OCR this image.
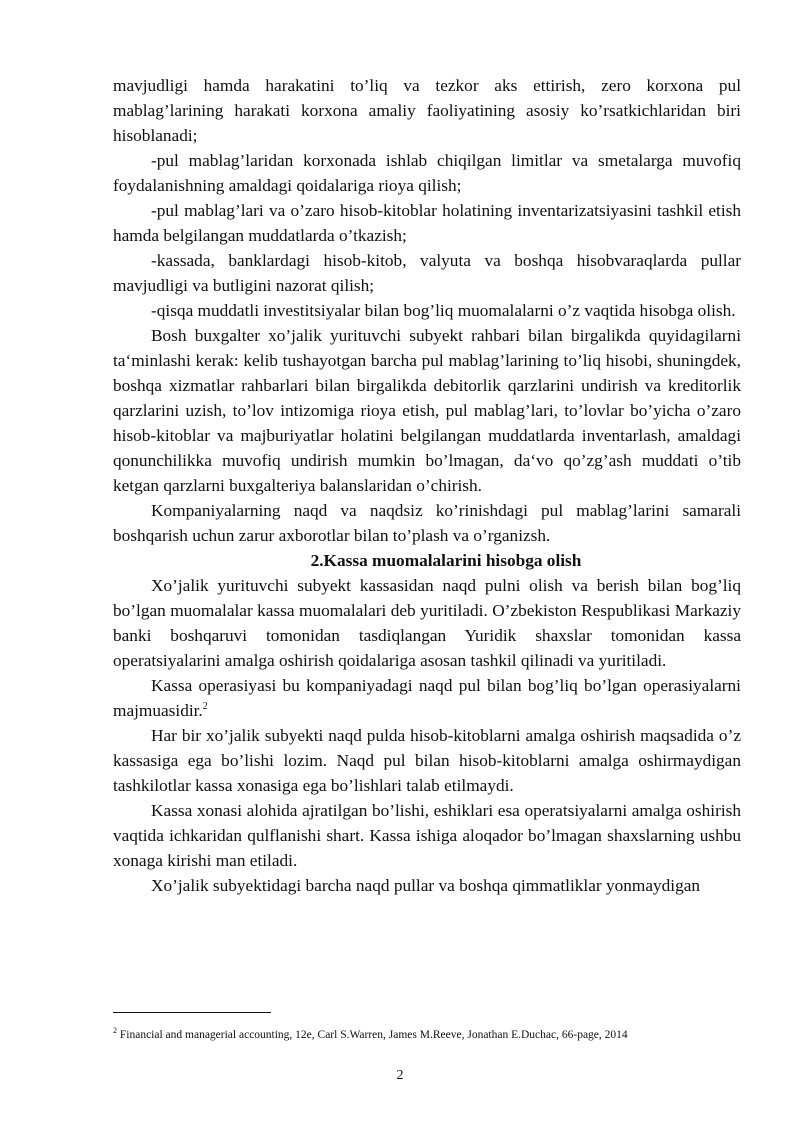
mavjudligi hamda harakatini to’liq va tezkor aks ettirish, zero korxona pul mablag’larining harakati korxona amaliy faoliyatining asosiy ko’rsatkichlaridan biri hisoblanadi;

-pul mablag’laridan korxonada ishlab chiqilgan limitlar va smetalarga muvofiq foydalanishning amaldagi qoidalariga rioya qilish;

-pul mablag’lari va o’zaro hisob-kitoblar holatining inventarizatsiyasini tashkil etish hamda belgilangan muddatlarda o’tkazish;

-kassada, banklardagi hisob-kitob, valyuta va boshqa hisobvaraqlarda pullar mavjudligi va butligini nazorat qilish;

-qisqa muddatli investitsiyalar bilan bog’liq muomalalarni o’z vaqtida hisobga olish.

Bosh buxgalter xo’jalik yurituvchi subyekt rahbari bilan birgalikda quyidagilarni ta‘minlashi kerak: kelib tushayotgan barcha pul mablag’larining to’liq hisobi, shuningdek, boshqa xizmatlar rahbarlari bilan birgalikda debitorlik qarzlarini undirish va kreditorlik qarzlarini uzish, to’lov intizomiga rioya etish, pul mablag’lari, to’lovlar bo’yicha o’zaro hisob-kitoblar va majburiyatlar holatini belgilangan muddatlarda inventarlash, amaldagi qonunchilikka muvofiq undirish mumkin bo’lmagan, da‘vo qo’zg’ash muddati o’tib ketgan qarzlarni buxgalteriya balanslaridan o’chirish.

Kompaniyalarning naqd va naqdsiz ko’rinishdagi pul mablag’larini samarali boshqarish uchun zarur axborotlar bilan to’plash va o’rganizsh.

2.Kassa muomalalarini hisobga olish

Xo’jalik yurituvchi subyekt kassasidan naqd pulni olish va berish bilan bog’liq bo’lgan muomalalar kassa muomalalari deb yuritiladi. O’zbekiston Respublikasi Markaziy banki boshqaruvi tomonidan tasdiqlangan Yuridik shaxslar tomonidan kassa operatsiyalarini amalga oshirish qoidalariga asosan tashkil qilinadi va yuritiladi.

Kassa operasiyasi bu kompaniyadagi naqd pul bilan bog’liq bo’lgan operasiyalarni majmuasidir.$^2$

Har bir xo’jalik subyekti naqd pulda hisob-kitoblarni amalga oshirish maqsadida o’z kassasiga ega bo’lishi lozim. Naqd pul bilan hisob-kitoblarni amalga oshirmaydigan tashkilotlar kassa xonasiga ega bo’lishlari talab etilmaydi.

Kassa xonasi alohida ajratilgan bo’lishi, eshiklari esa operatsiyalarni amalga oshirish vaqtida ichkaridan qulflanishi shart. Kassa ishiga aloqador bo’lmagan shaxslarning ushbu xonaga kirishi man etiladi.

Xo’jalik subyektidagi barcha naqd pullar va boshqa qimmatliklar yonmaydigan

$^2$ Financial and managerial accounting, 12e, Carl S.Warren, James M.Reeve, Jonathan E.Duchac, 66-page, 2014
2
